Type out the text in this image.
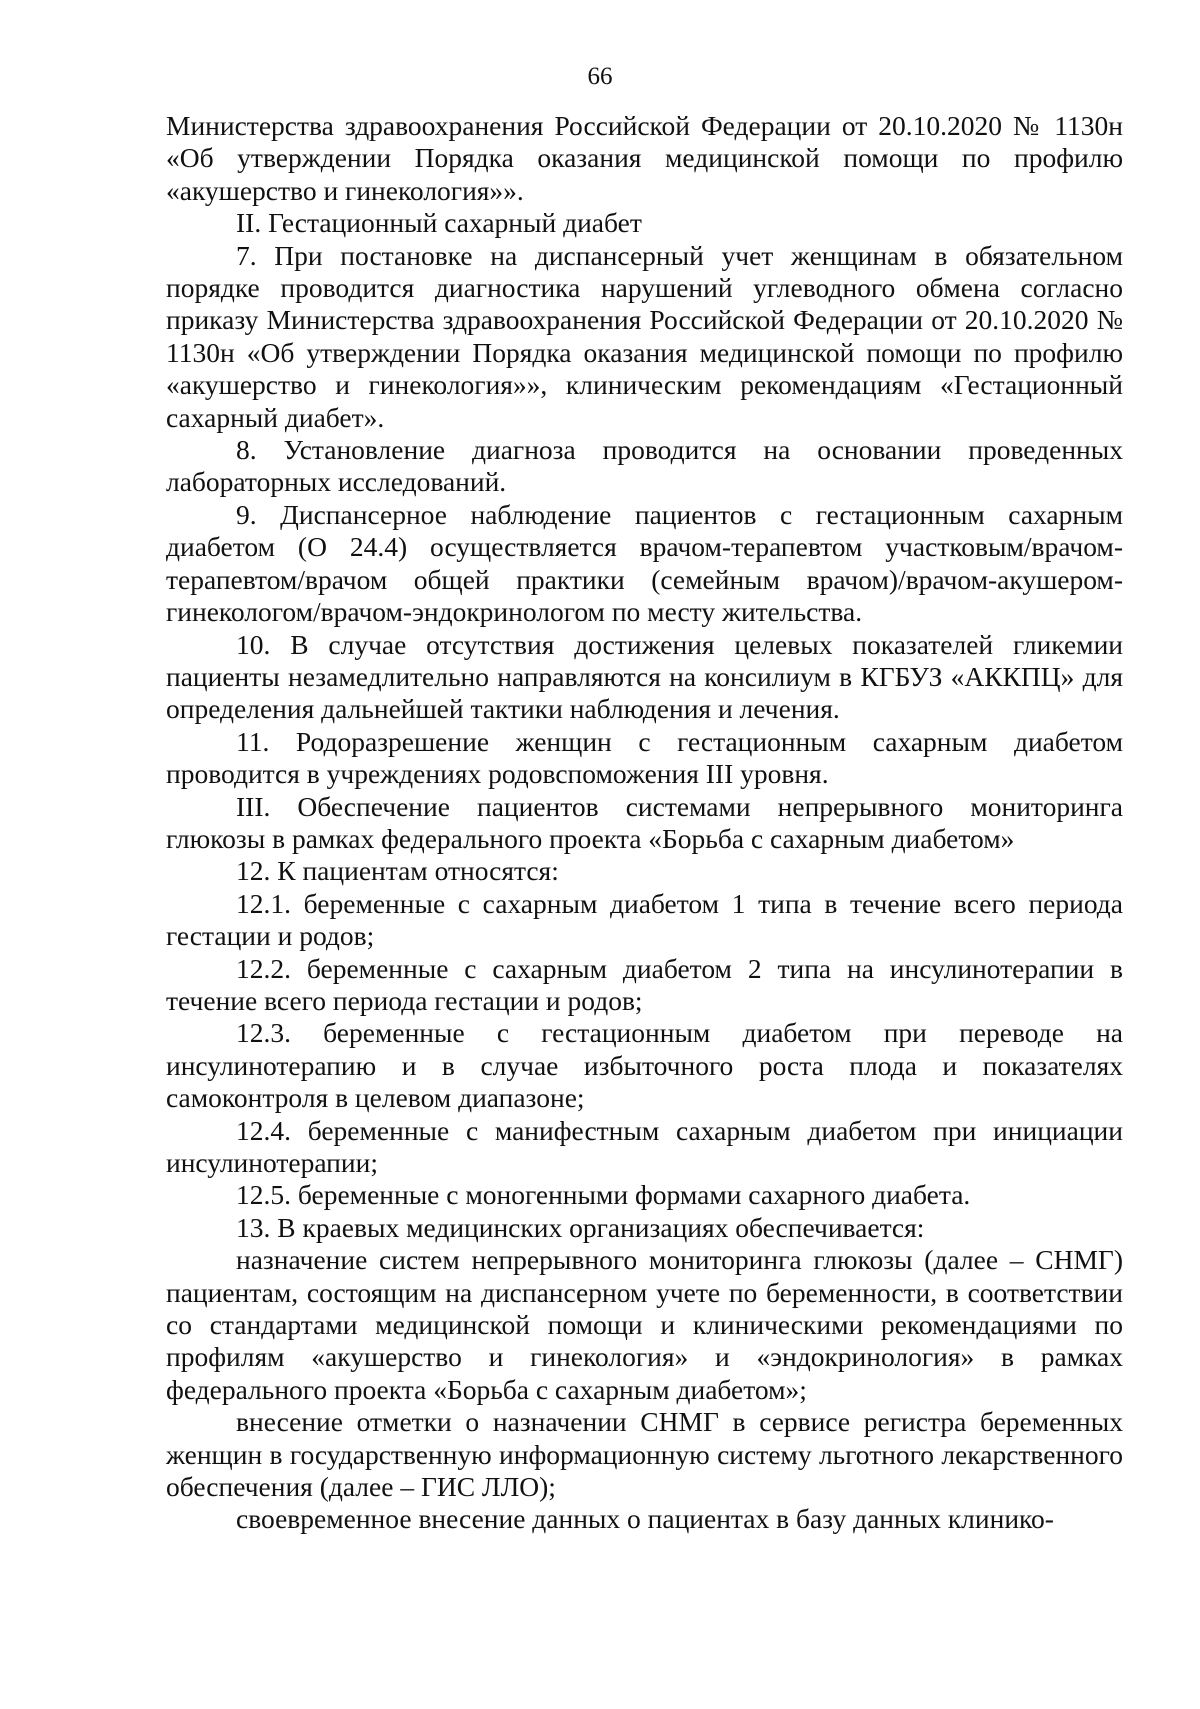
66

Министерства здравоохранения Российской Федерации от 20.10.2020 № 1130н «Об утверждении Порядка оказания медицинской помощи по профилю «акушерство и гинекология»».

II. Гестационный сахарный диабет

7. При постановке на диспансерный учет женщинам в обязательном порядке проводится диагностика нарушений углеводного обмена согласно приказу Министерства здравоохранения Российской Федерации от 20.10.2020 № 1130н «Об утверждении Порядка оказания медицинской помощи по профилю «акушерство и гинекология»», клиническим рекомендациям «Гестационный сахарный диабет».

8. Установление диагноза проводится на основании проведенных лабораторных исследований.

9. Диспансерное наблюдение пациентов с гестационным сахарным диабетом (О 24.4) осуществляется врачом-терапевтом участковым/врачом-терапевтом/врачом общей практики (семейным врачом)/врачом-акушером-гинекологом/врачом-эндокринологом по месту жительства.

10. В случае отсутствия достижения целевых показателей гликемии пациенты незамедлительно направляются на консилиум в КГБУЗ «АККПЦ» для определения дальнейшей тактики наблюдения и лечения.

11. Родоразрешение женщин с гестационным сахарным диабетом проводится в учреждениях родовспоможения III уровня.

III. Обеспечение пациентов системами непрерывного мониторинга глюкозы в рамках федерального проекта «Борьба с сахарным диабетом»

12. К пациентам относятся:

12.1. беременные с сахарным диабетом 1 типа в течение всего периода гестации и родов;

12.2. беременные с сахарным диабетом 2 типа на инсулинотерапии в течение всего периода гестации и родов;

12.3. беременные с гестационным диабетом при переводе на инсулинотерапию и в случае избыточного роста плода и показателях самоконтроля в целевом диапазоне;

12.4. беременные с манифестным сахарным диабетом при инициации инсулинотерапии;

12.5. беременные с моногенными формами сахарного диабета.

13. В краевых медицинских организациях обеспечивается:

назначение систем непрерывного мониторинга глюкозы (далее – СНМГ) пациентам, состоящим на диспансерном учете по беременности, в соответствии со стандартами медицинской помощи и клиническими рекомендациями по профилям «акушерство и гинекология» и «эндокринология» в рамках федерального проекта «Борьба с сахарным диабетом»;

внесение отметки о назначении СНМГ в сервисе регистра беременных женщин в государственную информационную систему льготного лекарственного обеспечения (далее – ГИС ЛЛО);

своевременное внесение данных о пациентах в базу данных клинико-
